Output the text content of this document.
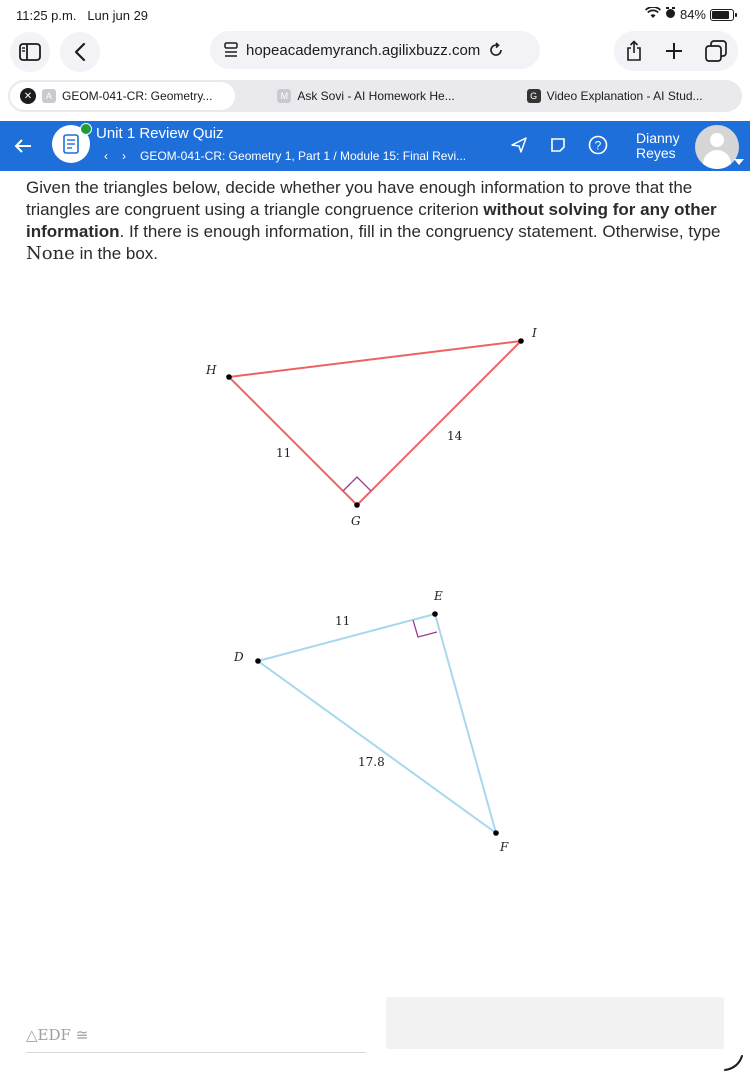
11:25 p.m. Lun jun 29	84%
hopeacademyranch.agilixbuzz.com
✕	A GEOM-041-CR: Geometry...	M Ask Sovi - AI Homework He...	G Video Explanation - AI Stud...
Unit 1 Review Quiz
‹ › GEOM-041-CR: Geometry 1, Part 1 / Module 15: Final Revi...
? Dianny
Reyes
Given the triangles below, decide whether you have enough information to prove that the triangles are congruent using a triangle congruence criterion without solving for any other information. If there is enough information, fill in the congruency statement. Otherwise, type None in the box.
H
I
G
11
14
D
E
F
11
17.8
△EDF ≅
